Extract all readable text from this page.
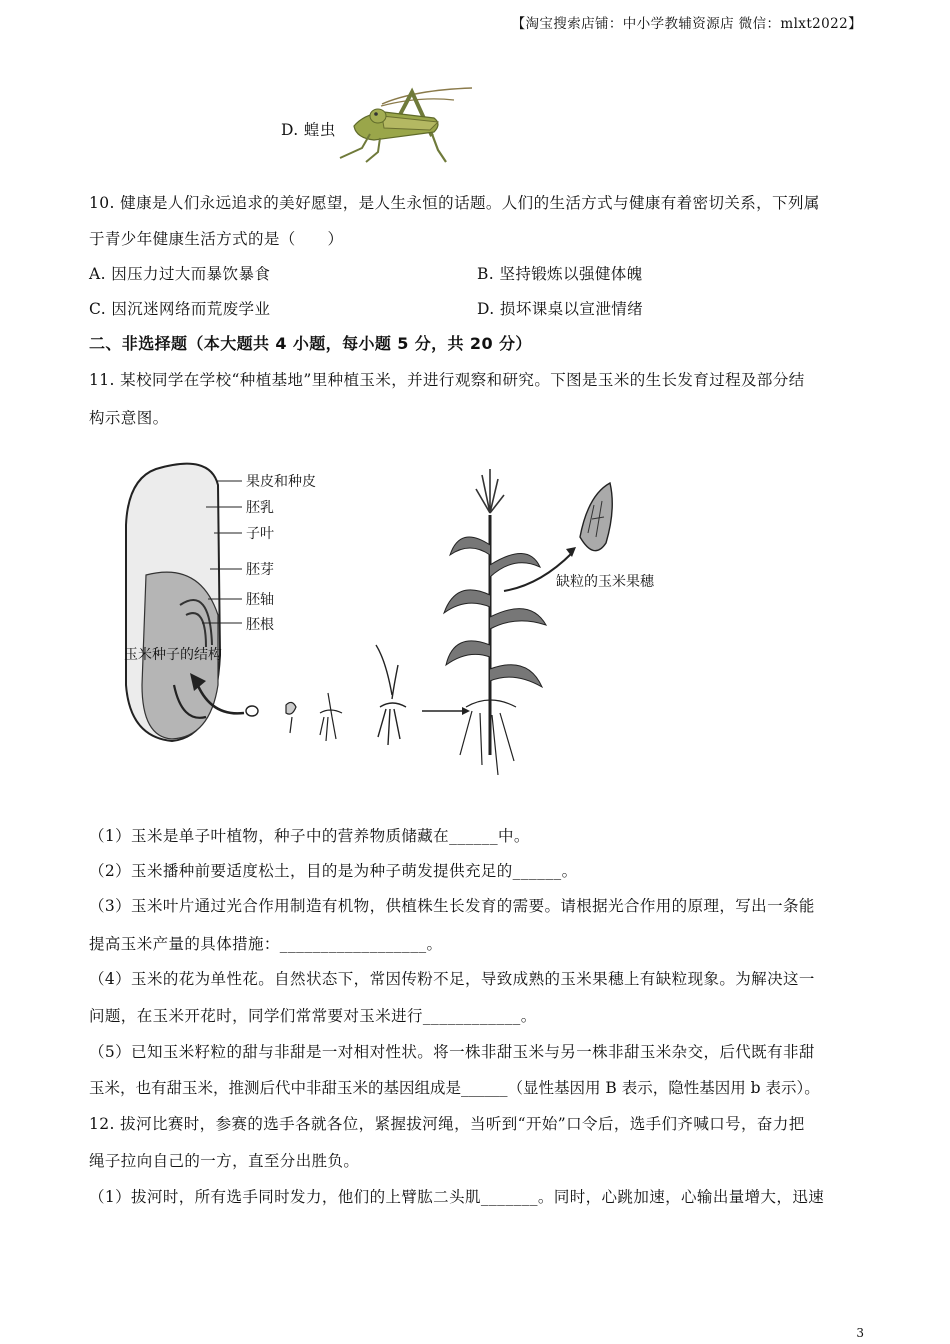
【淘宝搜索店铺：中小学教辅资源店 微信：mlxt2022】
D. 蝗虫
10. 健康是人们永远追求的美好愿望，是人生永恒的话题。人们的生活方式与健康有着密切关系，下列属
于青少年健康生活方式的是（　　）
A. 因压力过大而暴饮暴食	B. 坚持锻炼以强健体魄
C. 因沉迷网络而荒废学业	D. 损坏课桌以宣泄情绪
二、非选择题（本大题共 4 小题，每小题 5 分，共 20 分）
11. 某校同学在学校“种植基地”里种植玉米，并进行观察和研究。下图是玉米的生长发育过程及部分结
构示意图。
果皮和种皮
胚乳
子叶
胚芽
胚轴
胚根
玉米种子的结构
缺粒的玉米果穗
（1）玉米是单子叶植物，种子中的营养物质储藏在______中。
（2）玉米播种前要适度松土，目的是为种子萌发提供充足的______。
（3）玉米叶片通过光合作用制造有机物，供植株生长发育的需要。请根据光合作用的原理，写出一条能
提高玉米产量的具体措施：__________________。
（4）玉米的花为单性花。自然状态下，常因传粉不足，导致成熟的玉米果穗上有缺粒现象。为解决这一
问题，在玉米开花时，同学们常常要对玉米进行____________。
（5）已知玉米籽粒的甜与非甜是一对相对性状。将一株非甜玉米与另一株非甜玉米杂交，后代既有非甜
玉米，也有甜玉米，推测后代中非甜玉米的基因组成是______（显性基因用 B 表示，隐性基因用 b 表示）。
12. 拔河比赛时，参赛的选手各就各位，紧握拔河绳，当听到“开始”口令后，选手们齐喊口号，奋力把
绳子拉向自己的一方，直至分出胜负。
（1）拔河时，所有选手同时发力，他们的上臂肱二头肌_______。同时，心跳加速，心输出量增大，迅速
3
